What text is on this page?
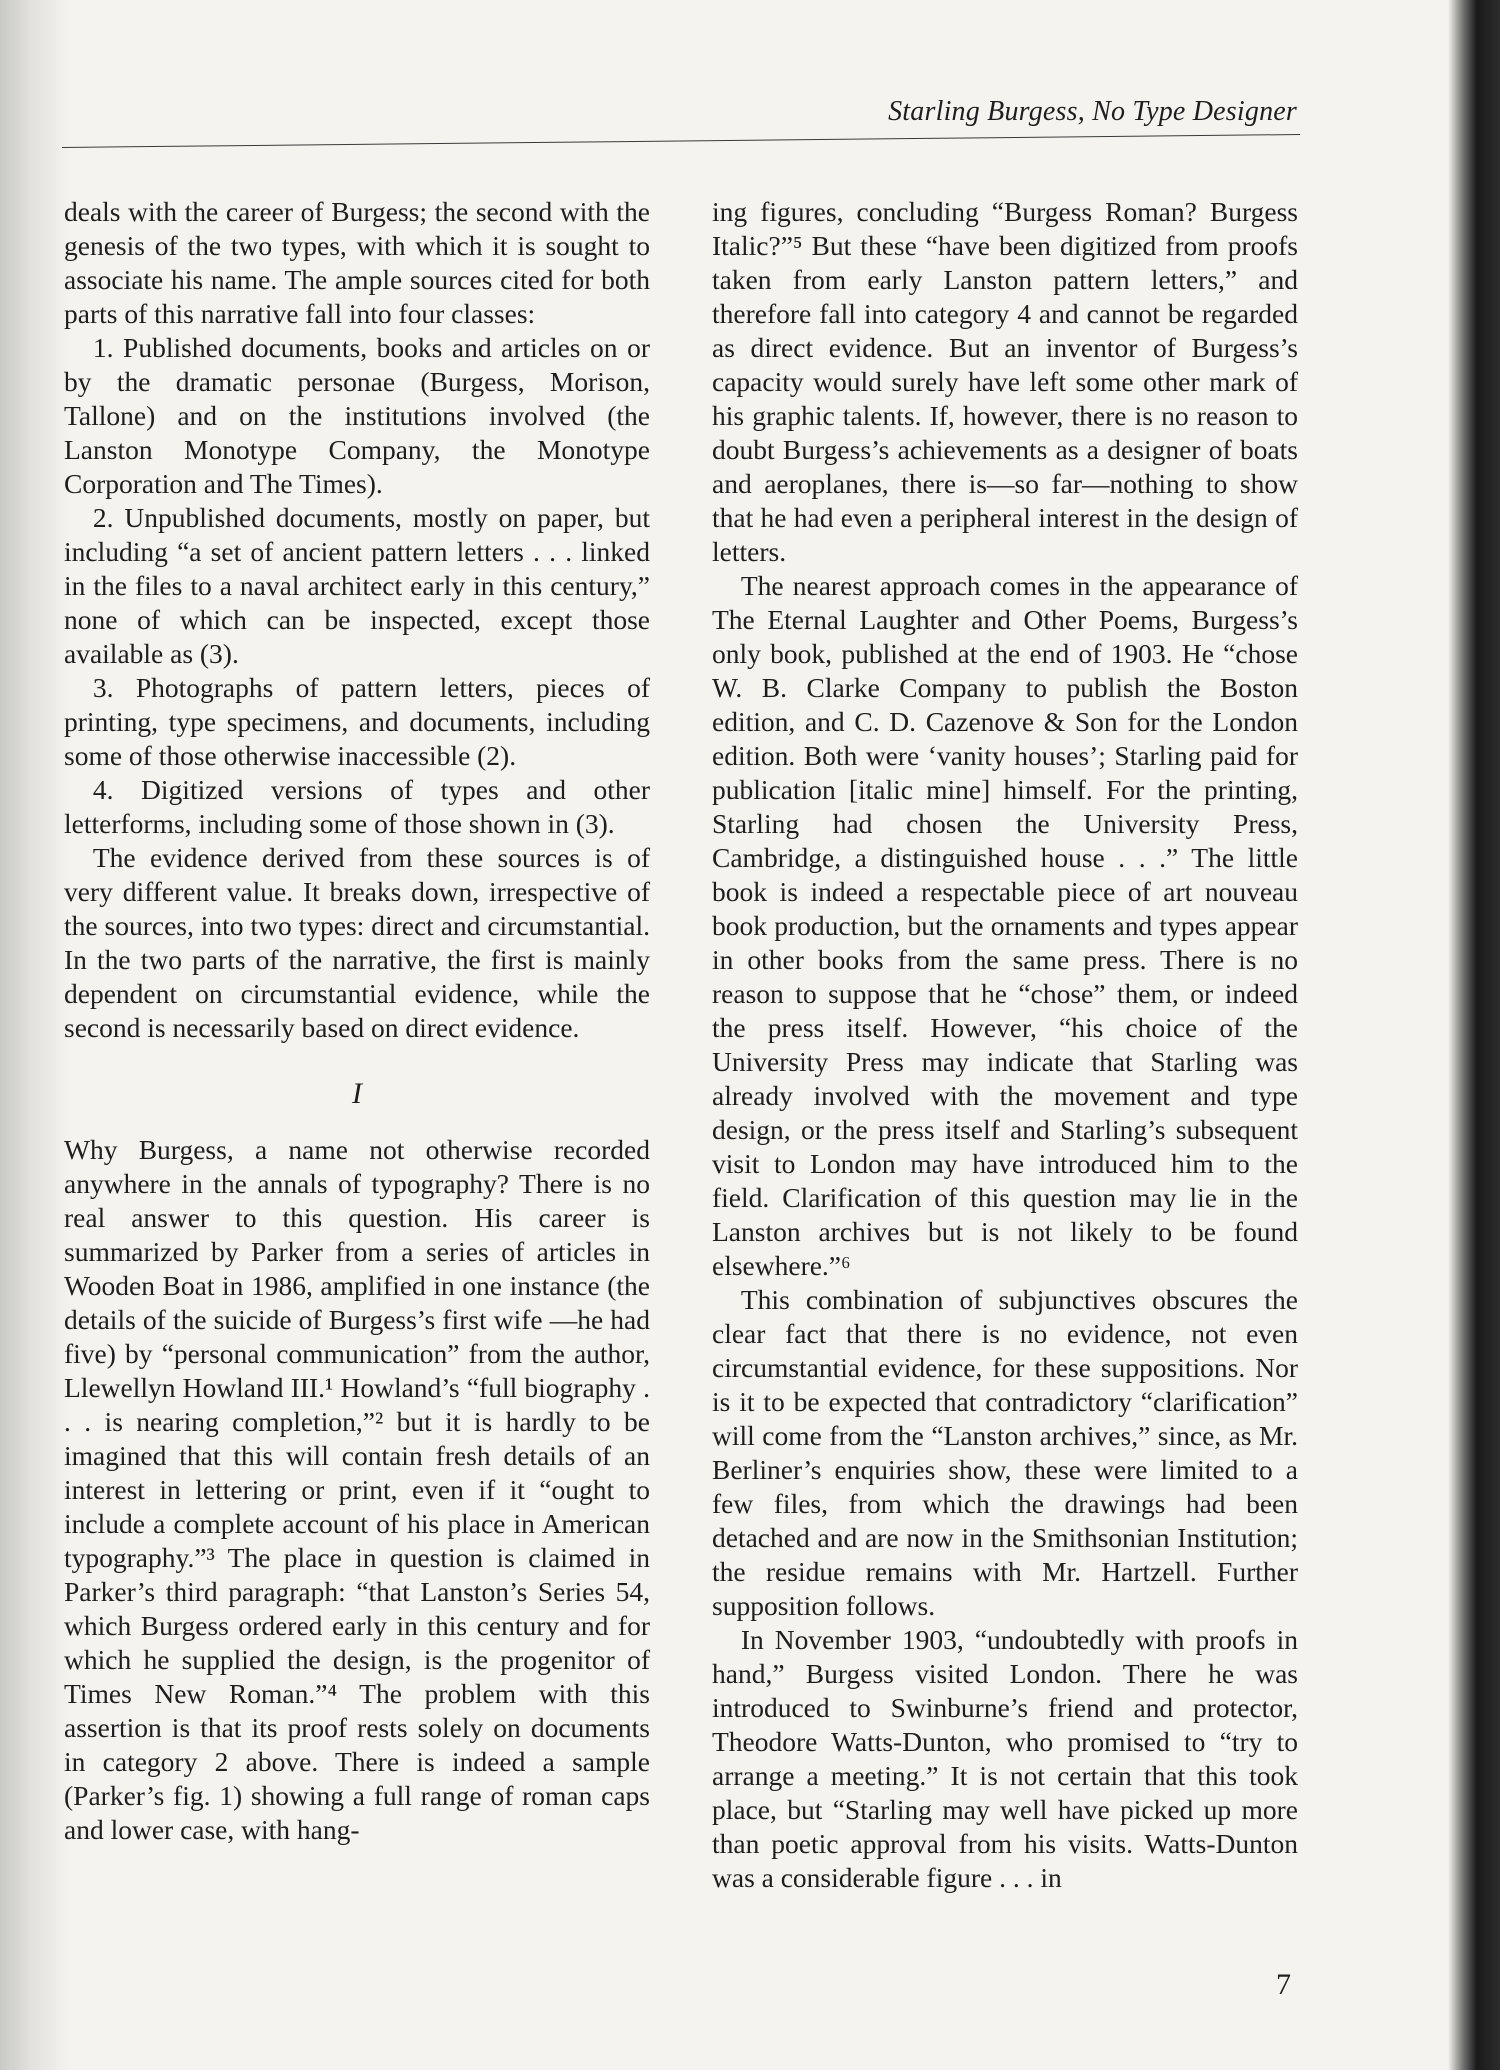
Starling Burgess, No Type Designer

deals with the career of Burgess; the second with the genesis of the two types, with which it is sought to associate his name. The ample sources cited for both parts of this narrative fall into four classes:

1. Published documents, books and articles on or by the dramatic personae (Burgess, Morison, Tallone) and on the institutions involved (the Lanston Monotype Company, the Monotype Corporation and The Times).

2. Unpublished documents, mostly on paper, but including “a set of ancient pattern letters . . . linked in the files to a naval architect early in this century,” none of which can be inspected, except those available as (3).

3. Photographs of pattern letters, pieces of printing, type specimens, and documents, including some of those otherwise inaccessible (2).

4. Digitized versions of types and other letterforms, including some of those shown in (3).

The evidence derived from these sources is of very different value. It breaks down, irrespective of the sources, into two types: direct and circumstantial. In the two parts of the narrative, the first is mainly dependent on circumstantial evidence, while the second is necessarily based on direct evidence.

I

Why Burgess, a name not otherwise recorded anywhere in the annals of typography? There is no real answer to this question. His career is summarized by Parker from a series of articles in Wooden Boat in 1986, amplified in one instance (the details of the suicide of Burgess’s first wife —he had five) by “personal communication” from the author, Llewellyn Howland III.¹ Howland’s “full biography . . . is nearing completion,”² but it is hardly to be imagined that this will contain fresh details of an interest in lettering or print, even if it “ought to include a complete account of his place in American typography.”³ The place in question is claimed in Parker’s third paragraph: “that Lanston’s Series 54, which Burgess ordered early in this century and for which he supplied the design, is the progenitor of Times New Roman.”⁴ The problem with this assertion is that its proof rests solely on documents in category 2 above. There is indeed a sample (Parker’s fig. 1) showing a full range of roman caps and lower case, with hang-

ing figures, concluding “Burgess Roman? Burgess Italic?”⁵ But these “have been digitized from proofs taken from early Lanston pattern letters,” and therefore fall into category 4 and cannot be regarded as direct evidence. But an inventor of Burgess’s capacity would surely have left some other mark of his graphic talents. If, however, there is no reason to doubt Burgess’s achievements as a designer of boats and aeroplanes, there is—so far—nothing to show that he had even a peripheral interest in the design of letters.

The nearest approach comes in the appearance of The Eternal Laughter and Other Poems, Burgess’s only book, published at the end of 1903. He “chose W. B. Clarke Company to publish the Boston edition, and C. D. Cazenove & Son for the London edition. Both were ‘vanity houses’; Starling paid for publication [italic mine] himself. For the printing, Starling had chosen the University Press, Cambridge, a distinguished house . . .” The little book is indeed a respectable piece of art nouveau book production, but the ornaments and types appear in other books from the same press. There is no reason to suppose that he “chose” them, or indeed the press itself. However, “his choice of the University Press may indicate that Starling was already involved with the movement and type design, or the press itself and Starling’s subsequent visit to London may have introduced him to the field. Clarification of this question may lie in the Lanston archives but is not likely to be found elsewhere.”⁶

This combination of subjunctives obscures the clear fact that there is no evidence, not even circumstantial evidence, for these suppositions. Nor is it to be expected that contradictory “clarification” will come from the “Lanston archives,” since, as Mr. Berliner’s enquiries show, these were limited to a few files, from which the drawings had been detached and are now in the Smithsonian Institution; the residue remains with Mr. Hartzell. Further supposition follows.

In November 1903, “undoubtedly with proofs in hand,” Burgess visited London. There he was introduced to Swinburne’s friend and protector, Theodore Watts-Dunton, who promised to “try to arrange a meeting.” It is not certain that this took place, but “Starling may well have picked up more than poetic approval from his visits. Watts-Dunton was a considerable figure . . . in

7
